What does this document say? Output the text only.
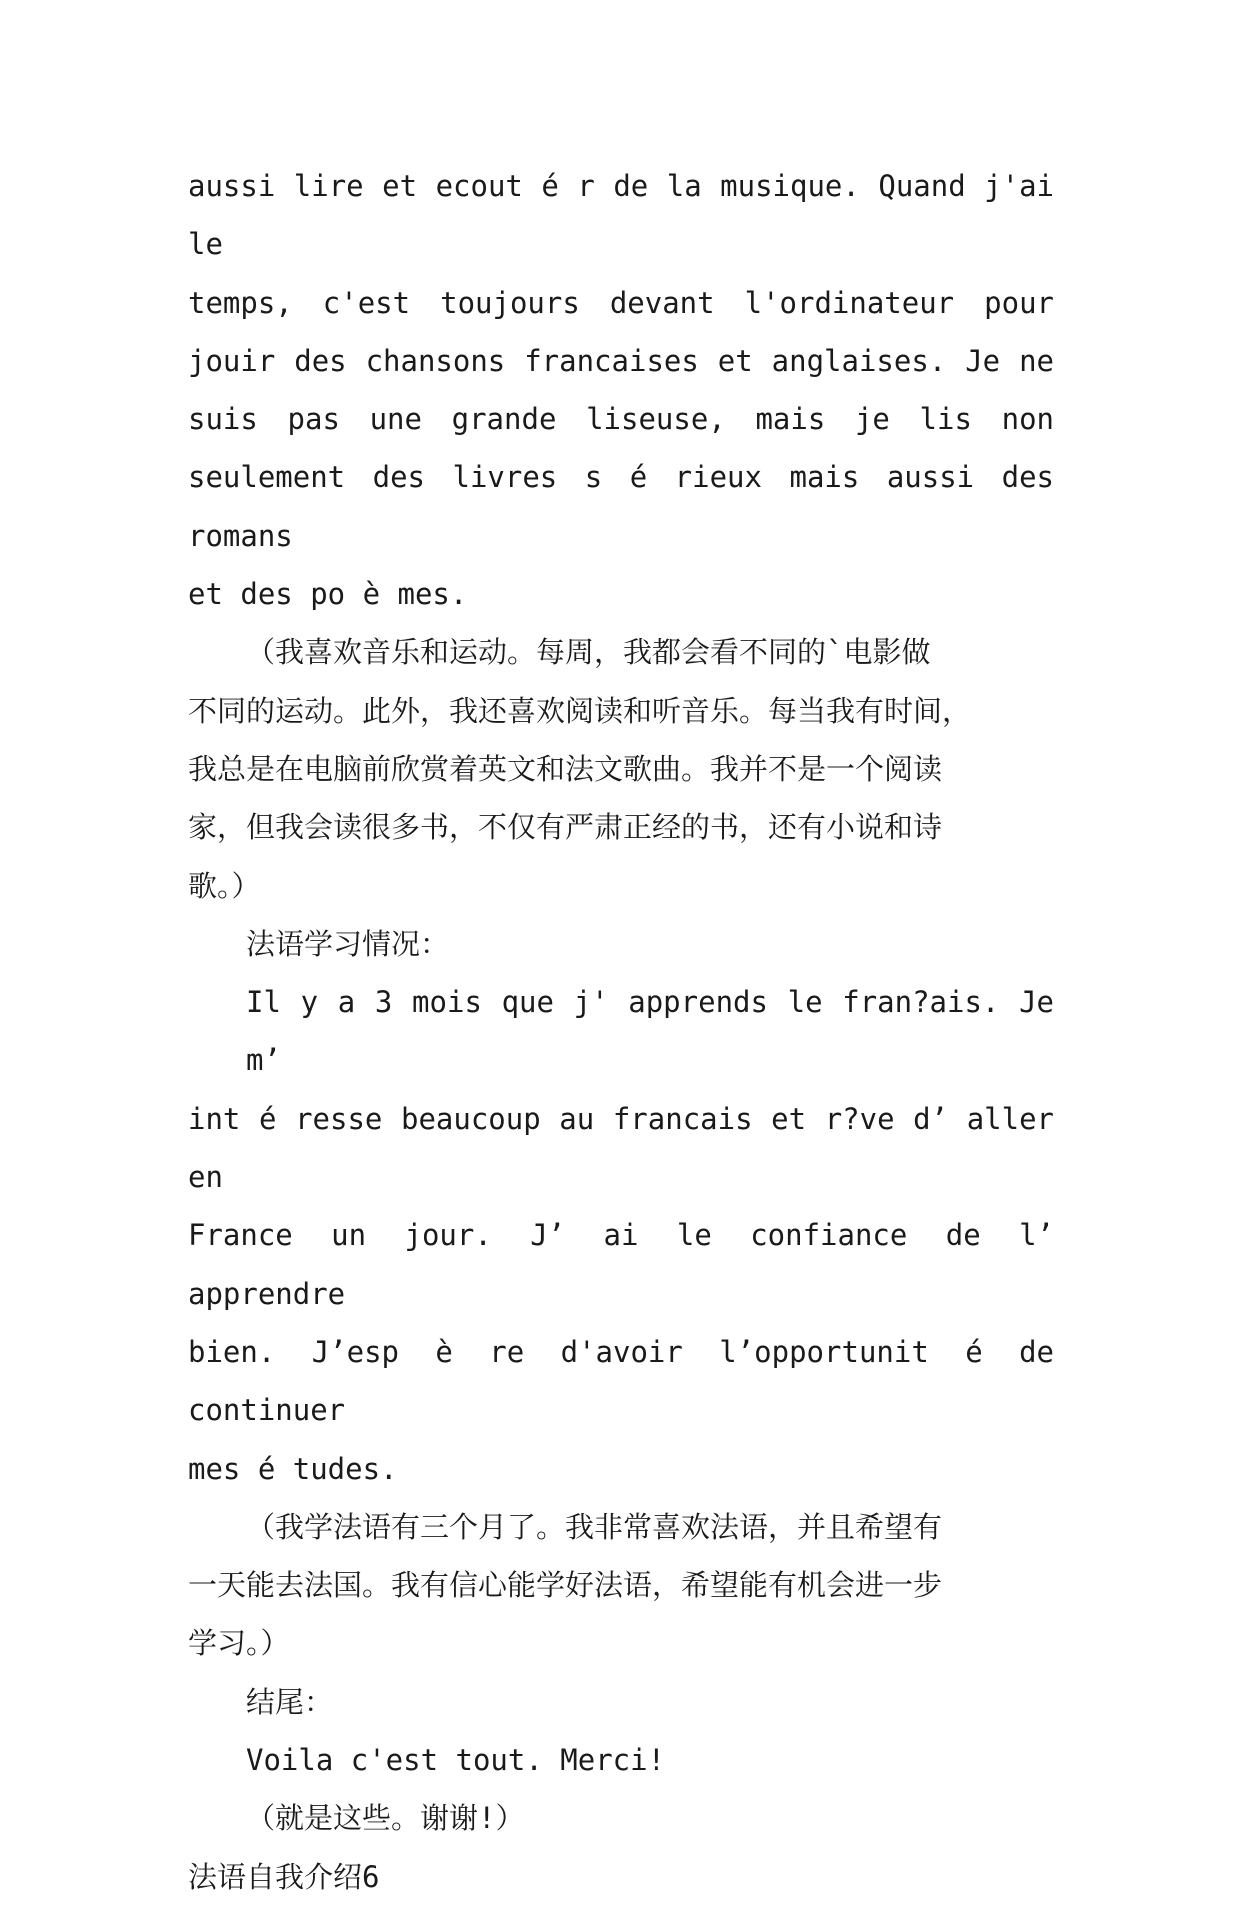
aussi lire et ecout é r de la musique. Quand j'ai le

temps, c'est toujours devant l'ordinateur pour

jouir des chansons francaises et anglaises. Je ne

suis pas une grande liseuse, mais je lis non

seulement des livres s é rieux mais aussi des romans

et des po è mes.

（我喜欢音乐和运动。每周，我都会看不同的`电影做

不同的运动。此外，我还喜欢阅读和听音乐。每当我有时间，

我总是在电脑前欣赏着英文和法文歌曲。我并不是一个阅读

家，但我会读很多书，不仅有严肃正经的书，还有小说和诗

歌。）

法语学习情况：

Il y a 3 mois que j' apprends le fran?ais. Je m’

int é resse beaucoup au francais et r?ve d’ aller en

France un jour. J’ ai le confiance de l’ apprendre

bien. J’esp è re d'avoir l’opportunit é de continuer

mes é tudes.

（我学法语有三个月了。我非常喜欢法语，并且希望有

一天能去法国。我有信心能学好法语，希望能有机会进一步

学习。）

结尾：

Voila c'est tout. Merci!

（就是这些。谢谢!）

法语自我介绍6
